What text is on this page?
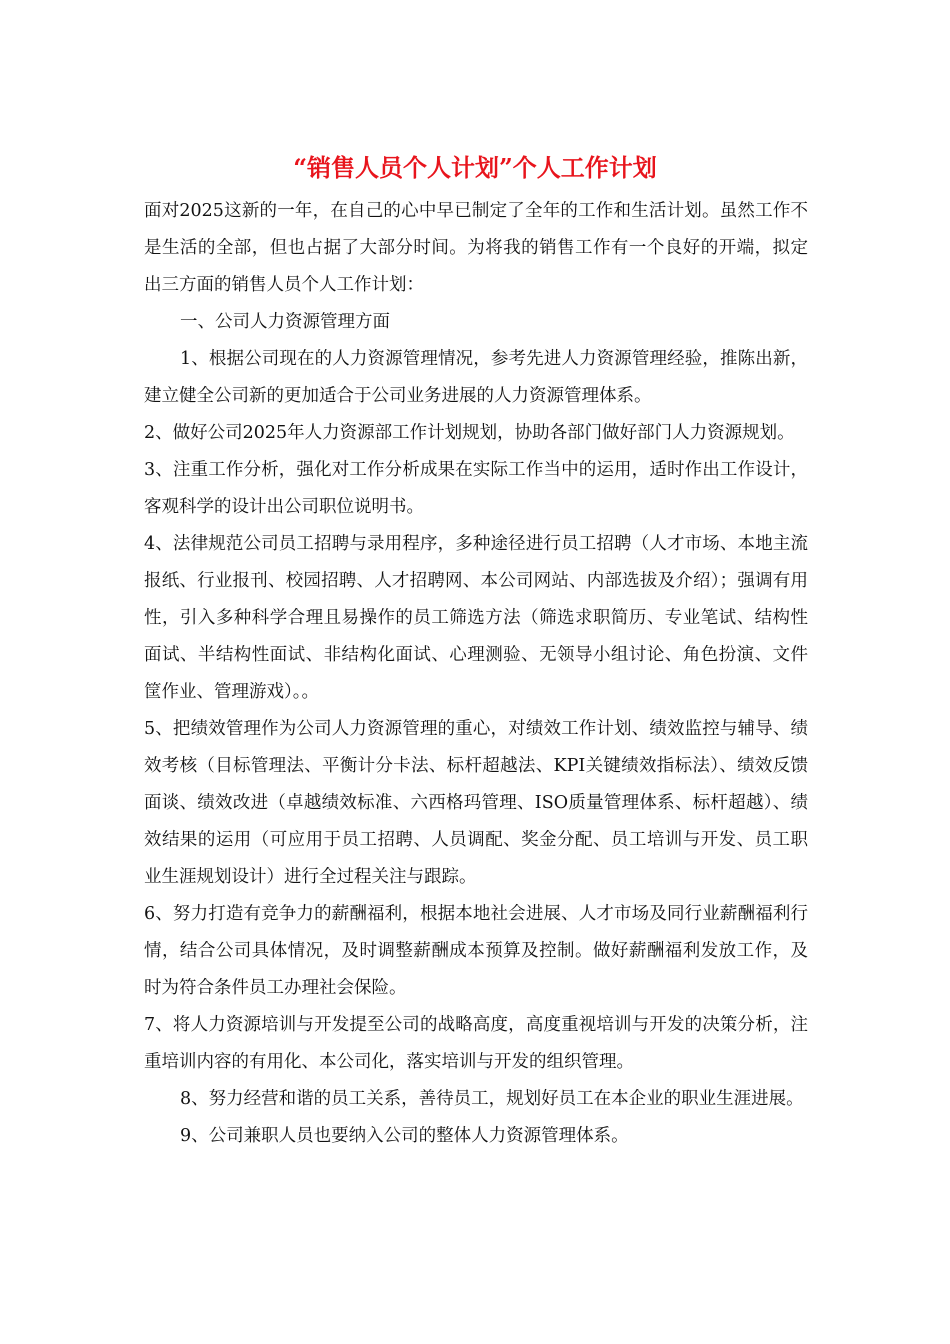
“销售人员个人计划”个人工作计划

面对2025这新的一年，在自己的心中早已制定了全年的工作和生活计划。虽然工作不是生活的全部，但也占据了大部分时间。为将我的销售工作有一个良好的开端，拟定出三方面的销售人员个人工作计划：

一、公司人力资源管理方面

1、根据公司现在的人力资源管理情况，参考先进人力资源管理经验，推陈出新，建立健全公司新的更加适合于公司业务进展的人力资源管理体系。

2、做好公司2025年人力资源部工作计划规划，协助各部门做好部门人力资源规划。

3、注重工作分析，强化对工作分析成果在实际工作当中的运用，适时作出工作设计，客观科学的设计出公司职位说明书。

4、法律规范公司员工招聘与录用程序，多种途径进行员工招聘（人才市场、本地主流报纸、行业报刊、校园招聘、人才招聘网、本公司网站、内部选拔及介绍）；强调有用性，引入多种科学合理且易操作的员工筛选方法（筛选求职简历、专业笔试、结构性面试、半结构性面试、非结构化面试、心理测验、无领导小组讨论、角色扮演、文件筐作业、管理游戏）。。

5、把绩效管理作为公司人力资源管理的重心，对绩效工作计划、绩效监控与辅导、绩效考核（目标管理法、平衡计分卡法、标杆超越法、KPI关键绩效指标法）、绩效反馈面谈、绩效改进（卓越绩效标准、六西格玛管理、ISO质量管理体系、标杆超越）、绩效结果的运用（可应用于员工招聘、人员调配、奖金分配、员工培训与开发、员工职业生涯规划设计）进行全过程关注与跟踪。

6、努力打造有竞争力的薪酬福利，根据本地社会进展、人才市场及同行业薪酬福利行情，结合公司具体情况，及时调整薪酬成本预算及控制。做好薪酬福利发放工作，及时为符合条件员工办理社会保险。

7、将人力资源培训与开发提至公司的战略高度，高度重视培训与开发的决策分析，注重培训内容的有用化、本公司化，落实培训与开发的组织管理。

8、努力经营和谐的员工关系，善待员工，规划好员工在本企业的职业生涯进展。

9、公司兼职人员也要纳入公司的整体人力资源管理体系。
